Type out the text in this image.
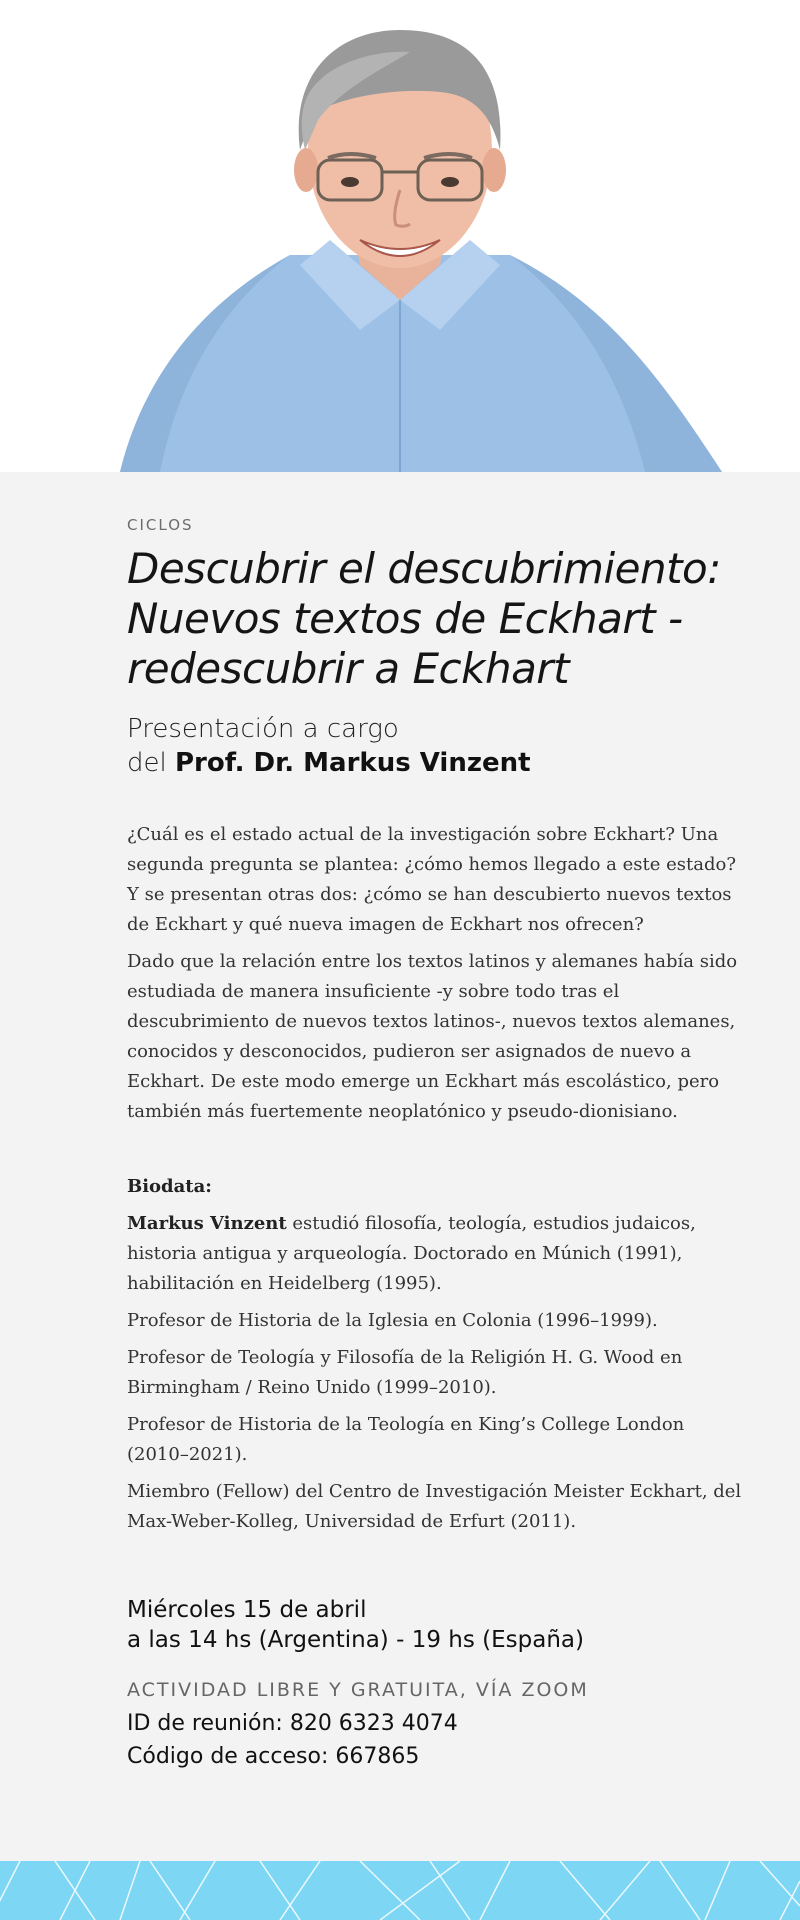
CICLOS
Descubrir el descubrimiento:
Nuevos textos de Eckhart -
redescubrir a Eckhart
Presentación a cargo
del Prof. Dr. Markus Vinzent

¿Cuál es el estado actual de la investigación sobre Eckhart? Una segunda pregunta se plantea: ¿cómo hemos llegado a este estado? Y se presentan otras dos: ¿cómo se han descubierto nuevos textos de Eckhart y qué nueva imagen de Eckhart nos ofrecen?

Dado que la relación entre los textos latinos y alemanes había sido estudiada de manera insuficiente -y sobre todo tras el descubrimiento de nuevos textos latinos-, nuevos textos alemanes, conocidos y desconocidos, pudieron ser asignados de nuevo a Eckhart. De este modo emerge un Eckhart más escolástico, pero también más fuertemente neoplatónico y pseudo-dionisiano.

Biodata:

Markus Vinzent estudió filosofía, teología, estudios judaicos, historia antigua y arqueología. Doctorado en Múnich (1991), habilitación en Heidelberg (1995).

Profesor de Historia de la Iglesia en Colonia (1996–1999).

Profesor de Teología y Filosofía de la Religión H. G. Wood en Birmingham / Reino Unido (1999–2010).

Profesor de Historia de la Teología en King’s College London (2010–2021).

Miembro (Fellow) del Centro de Investigación Meister Eckhart, del Max-Weber-Kolleg, Universidad de Erfurt (2011).

Miércoles 15 de abril
a las 14 hs (Argentina) - 19 hs (España)
ACTIVIDAD LIBRE Y GRATUITA, VÍA ZOOM
ID de reunión: 820 6323 4074
Código de acceso: 667865
